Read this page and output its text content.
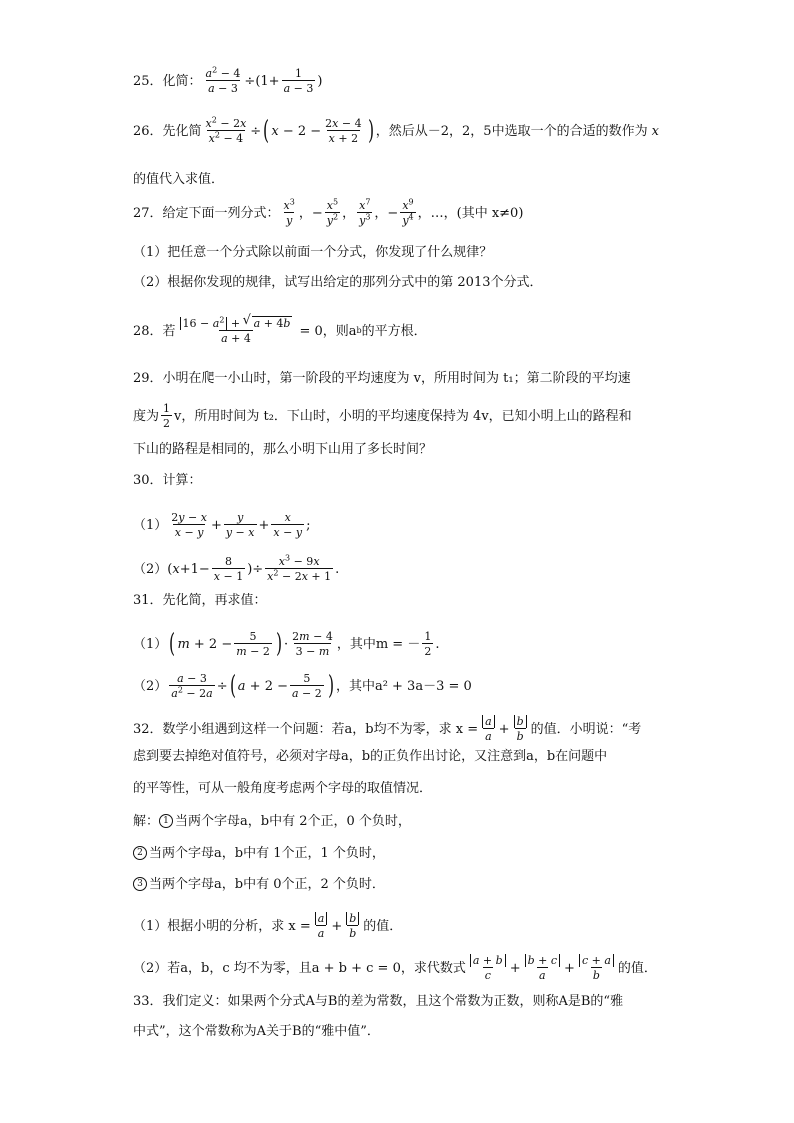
25．化简： $\frac{a^2 - 4}{a - 3} \div(1+ \frac{1}{a - 3}$ )
26．先化简 $\frac{x^2 - 2x}{x^2 - 4}$ ÷ ( $x - 2 - \frac{2x - 4}{x + 2}$ ) ，然后从－2，2，5中选取一个的合适的数作为 x
的值代入求值．
27．给定下面一列分式： $\frac{x^3}{y}$ ，− $\frac{x^5}{y^2}$ ， $\frac{x^7}{y^3}$ ，− $\frac{x^9}{y^4}$ ，…，(其中 x≠0)
（1）把任意一个分式除以前面一个分式，你发现了什么规律？
（2）根据你发现的规律，试写出给定的那列分式中的第 2013个分式．
28．若 $\frac{16 - a^2 + √ a + 4b}{a + 4} = 0$ ，则a b 的平方根．
29．小明在爬一小山时，第一阶段的平均速度为 v，所用时间为 t₁；第二阶段的平均速
度为 $\frac{1}{2}$ v，所用时间为 t₂．下山时，小明的平均速度保持为 4v，已知小明上山的路程和
下山的路程是相同的，那么小明下山用了多长时间？
30．计算：
$(1) \frac{2y - x}{x - y} + \frac{y}{y - x} + \frac{x}{x - y}$ ;
（2） ($x+1- \frac{8}{x - 1}$ )÷ $\frac{x^3 - 9x}{x^2 - 2x + 1}$ .
31．先化简，再求值：
（1） ( $m + 2 - \frac{5}{m - 2}$ ) · $\frac{2m - 4}{3 - m}$ ，其中m = － $\frac{1}{2}$ .
$(2) \frac{a - 3}{a^2 - 2a}$ ÷ ( $a + 2 - \frac{5}{a - 2}$ ) ，其中a² + 3a－3 = 0
32．数学小组遇到这样一个问题：若a，b均不为零，求 $x = \frac{a}{a} + \frac{b}{b}$ 的值．小明说：“考
虑到要去掉绝对值符号，必须对字母a，b的正负作出讨论，又注意到a，b在问题中
的平等性，可从一般角度考虑两个字母的取值情况．
解： 1 当两个字母a，b中有 2个正，0 个负时，
2 当两个字母a，b中有 1个正，1 个负时，
3 当两个字母a，b中有 0个正，2 个负时．
（1）根据小明的分析，求 $x = \frac{a}{a} + \frac{b}{b}$ 的值．
（2）若a，b，c 均不为零，且a + b + c = 0，求代数式 $\frac{a + b}{c} + \frac{b + c}{a} + \frac{c + a}{b}$ 的值．
33．我们定义：如果两个分式A与B的差为常数，且这个常数为正数，则称A是B的“雅
中式”，这个常数称为A关于B的“雅中值”．
